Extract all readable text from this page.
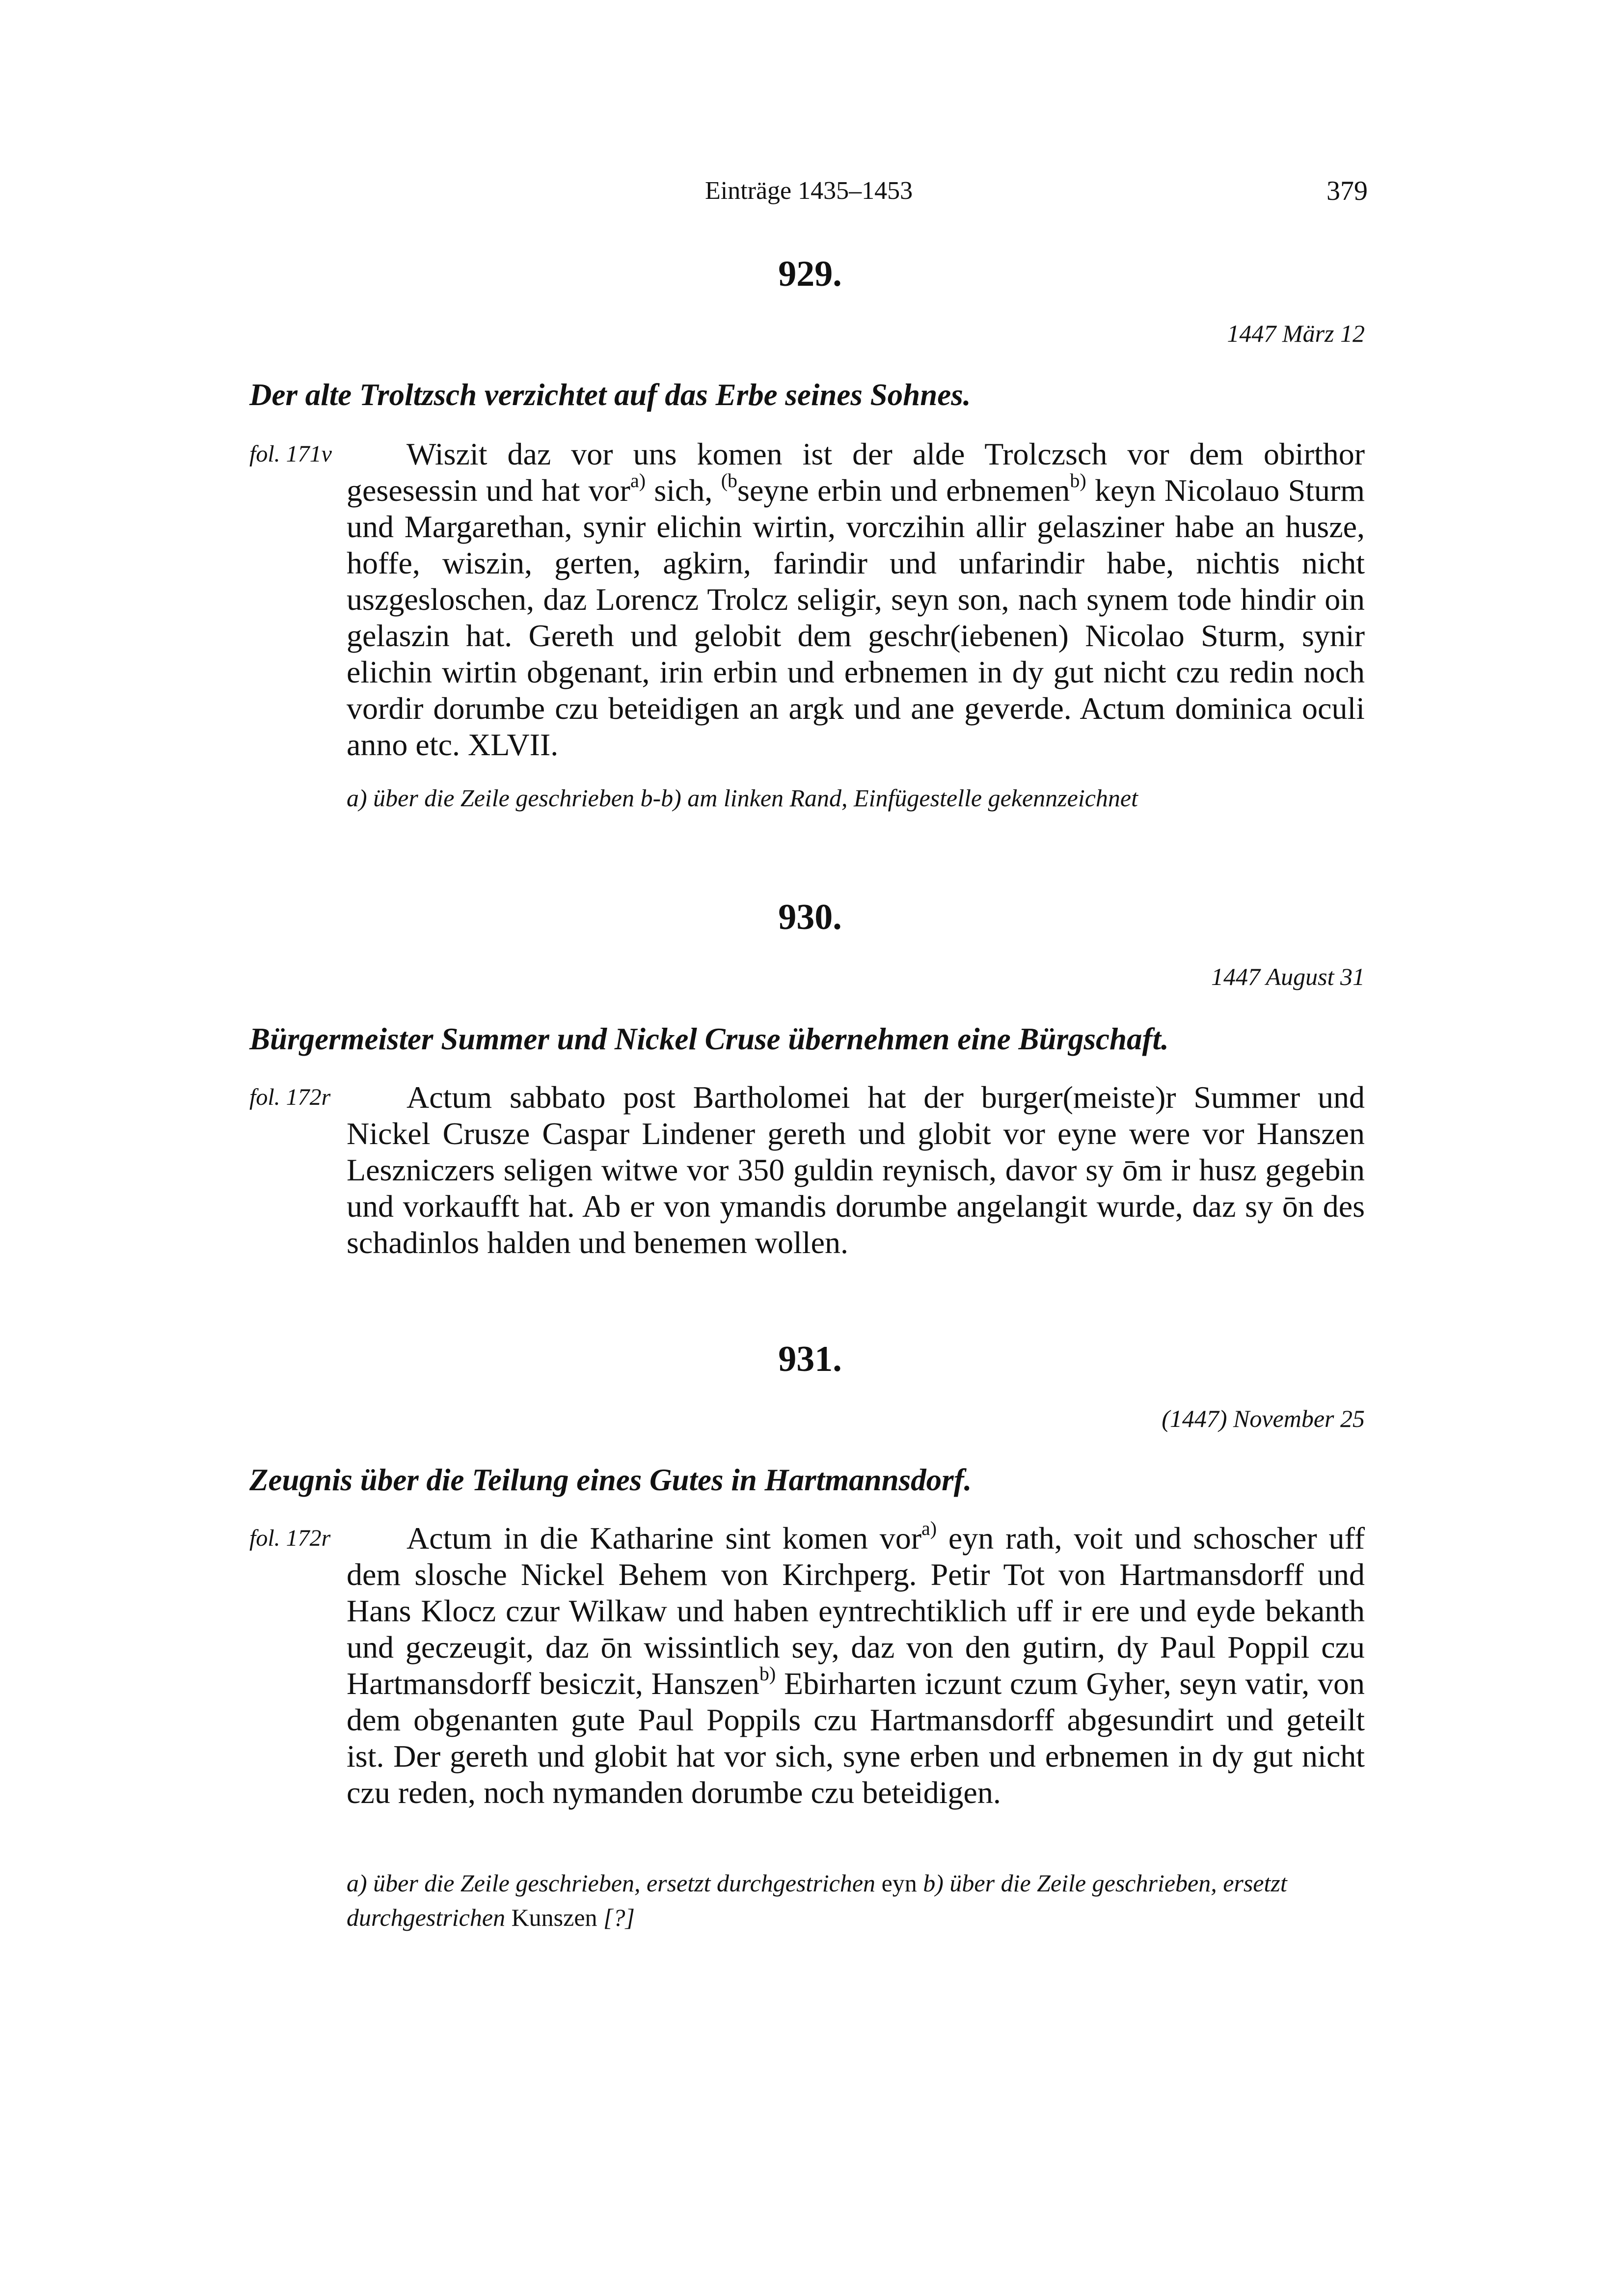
Einträge 1435–1453	379
929.
1447 März 12
Der alte Troltzsch verzichtet auf das Erbe seines Sohnes.
fol. 171v	Wiszit daz vor uns komen ist der alde Trolczsch vor dem obirthor gesesessin und hat vor$^{a)}$ sich, $^{(b}$seyne erbin und erbnemen$^{b)}$ keyn Nicolauo Sturm und Margarethan, synir elichin wirtin, vorczihin allir gelasziner habe an husze, hoffe, wiszin, gerten, agkirn, farindir und unfarindir habe, nichtis nicht uszgesloschen, daz Lorencz Trolcz seligir, seyn son, nach synem tode hindir oin gelaszin hat. Gereth und gelobit dem geschr(iebenen) Nicolao Sturm, synir elichin wirtin obgenant, irin erbin und erbnemen in dy gut nicht czu redin noch vordir dorumbe czu beteidigen an argk und ane geverde. Actum dominica oculi anno etc. XLVII.

a) über die Zeile geschrieben b-b) am linken Rand, Einfügestelle gekennzeichnet

930.
1447 August 31
Bürgermeister Summer und Nickel Cruse übernehmen eine Bürgschaft.
fol. 172r	Actum sabbato post Bartholomei hat der burger(meiste)r Summer und Nickel Crusze Caspar Lindener gereth und globit vor eyne were vor Hanszen Leszniczers seligen witwe vor 350 guldin reynisch, davor sy ōm ir husz gegebin und vorkaufft hat. Ab er von ymandis dorumbe angelangit wurde, daz sy ōn des schadinlos halden und benemen wollen.

931.
(1447) November 25
Zeugnis über die Teilung eines Gutes in Hartmannsdorf.
fol. 172r	Actum in die Katharine sint komen vor$^{a)}$ eyn rath, voit und schoscher uff dem slosche Nickel Behem von Kirchperg. Petir Tot von Hartmansdorff und Hans Klocz czur Wilkaw und haben eyntrechtiklich uff ir ere und eyde bekanth und geczeugit, daz ōn wissintlich sey, daz von den gutirn, dy Paul Poppil czu Hartmansdorff besiczit, Hanszen$^{b)}$ Ebirharten iczunt czum Gyher, seyn vatir, von dem obgenanten gute Paul Poppils czu Hartmansdorff abgesundirt und geteilt ist. Der gereth und globit hat vor sich, syne erben und erbnemen in dy gut nicht czu reden, noch nymanden dorumbe czu beteidigen.

a) über die Zeile geschrieben, ersetzt durchgestrichen eyn b) über die Zeile geschrieben, ersetzt durchgestrichen Kunszen [?]
